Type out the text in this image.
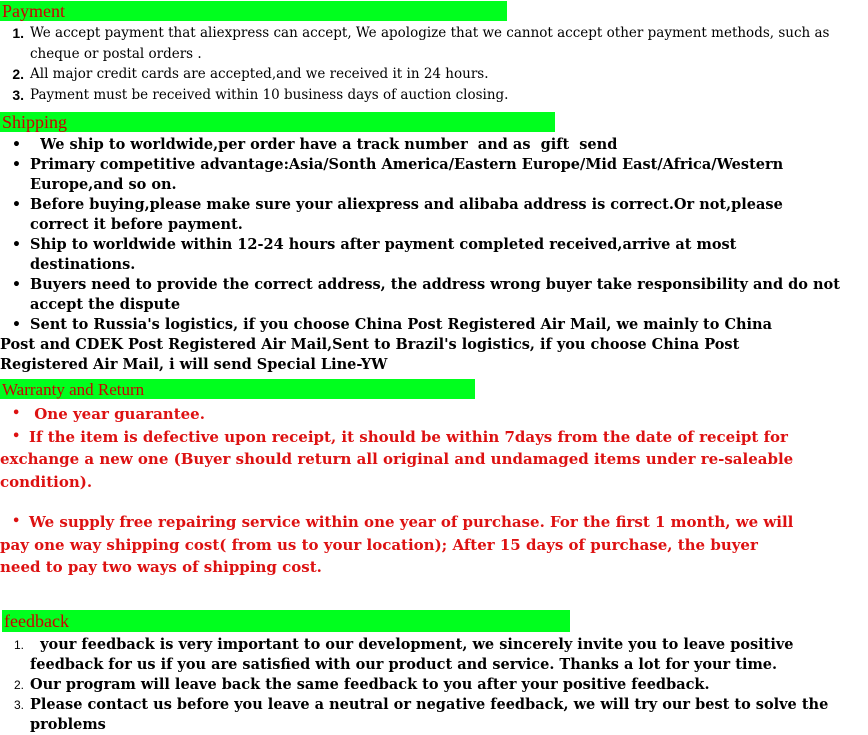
Payment
1. We accept payment that aliexpress can accept, We apologize that we cannot accept other payment methods, such as cheque or postal orders .
2. All major credit cards are accepted,and we received it in 24 hours.
3. Payment must be received within 10 business days of auction closing.
Shipping
• We ship to worldwide,per order have a track number  and as  gift  send
• Primary competitive advantage:Asia/Sonth America/Eastern Europe/Mid East/Africa/Western Europe,and so on.
• Before buying,please make sure your aliexpress and alibaba address is correct.Or not,please correct it before payment.
• Ship to worldwide within 12-24 hours after payment completed received,arrive at most destinations.
• Buyers need to provide the correct address, the address wrong buyer take responsibility and do not accept the dispute
• Sent to Russia's logistics, if you choose China Post Registered Air Mail, we mainly to China Post and CDEK Post Registered Air Mail,Sent to Brazil's logistics, if you choose China Post Registered Air Mail, i will send Special Line-YW
Warranty and Return
• One year guarantee.
• If the item is defective upon receipt, it should be within 7days from the date of receipt for exchange a new one (Buyer should return all original and undamaged items under re-saleable condition).
• We supply free repairing service within one year of purchase. For the first 1 month, we will pay one way shipping cost( from us to your location); After 15 days of purchase, the buyer need to pay two ways of shipping cost.
feedback
1. your feedback is very important to our development, we sincerely invite you to leave positive feedback for us if you are satisfied with our product and service. Thanks a lot for your time.
2. Our program will leave back the same feedback to you after your positive feedback.
3. Please contact us before you leave a neutral or negative feedback, we will try our best to solve the problems
